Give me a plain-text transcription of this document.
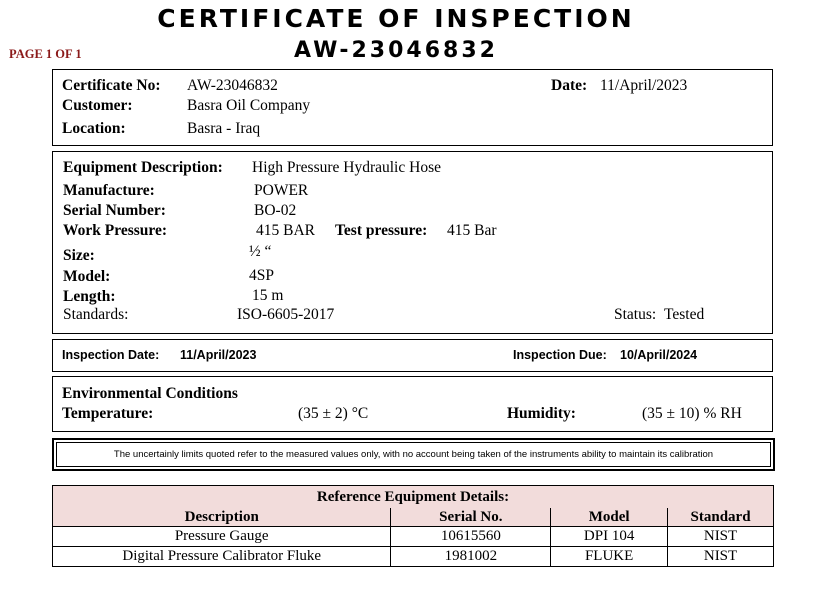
CERTIFICATE OF INSPECTION
AW-23046832
PAGE 1 OF 1
Certificate No: AW-23046832	Date: 11/April/2023
Customer:	Basra Oil Company
Location:	Basra - Iraq
Equipment Description: High Pressure Hydraulic Hose
Manufacture:	POWER
Serial Number:	BO-02
Work Pressure:	415 BAR Test pressure: 415 Bar
Size:	½ “
Model:	4SP
Length:	15 m
Standards:	ISO-6605-2017	Status: Tested
Inspection Date: 11/April/2023	Inspection Due: 10/April/2024
Environmental Conditions
Temperature:	(35 ± 2) °C	Humidity:	(35 ± 10) % RH
The uncertainly limits quoted refer to the measured values only, with no account being taken of the instruments ability to maintain its calibration
Reference Equipment Details:			
Description	Serial No.	Model	Standard
Pressure Gauge	10615560	DPI 104	NIST
Digital Pressure Calibrator Fluke	1981002	FLUKE	NIST
